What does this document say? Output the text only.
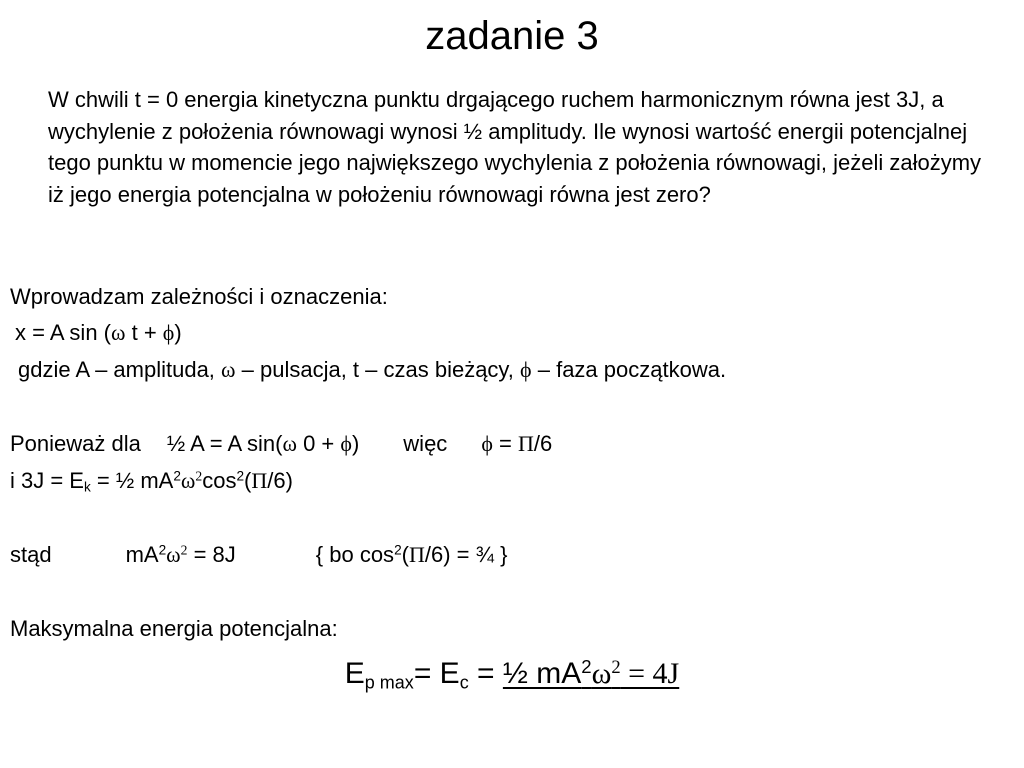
zadanie 3
W chwili t = 0 energia kinetyczna punktu drgającego ruchem harmonicznym równa jest 3J, a wychylenie z położenia równowagi wynosi ½ amplitudy. Ile wynosi wartość energii potencjalnej tego punktu w momencie jego największego wychylenia z położenia równowagi, jeżeli założymy iż jego energia potencjalna w położeniu równowagi równa jest zero?
Wprowadzam zależności i oznaczenia:
x = A sin (ω t + ϕ)
gdzie A – amplituda, ω – pulsacja, t – czas bieżący, ϕ – faza początkowa.
Ponieważ dla ½ A = A sin(ω 0 + ϕ) więc ϕ = Π/6
i $3J = E_k$ = ½ $mA^2\omega^2\cos^2(\Pi/6)$
stąd	$mA^2\omega^2 = 8J$	{ bo $\cos^2(\Pi/6)$ = ¾ }
Maksymalna energia potencjalna:
$E_{p max}= E_c$ = ½ $mA^2\omega^2 = 4J$
